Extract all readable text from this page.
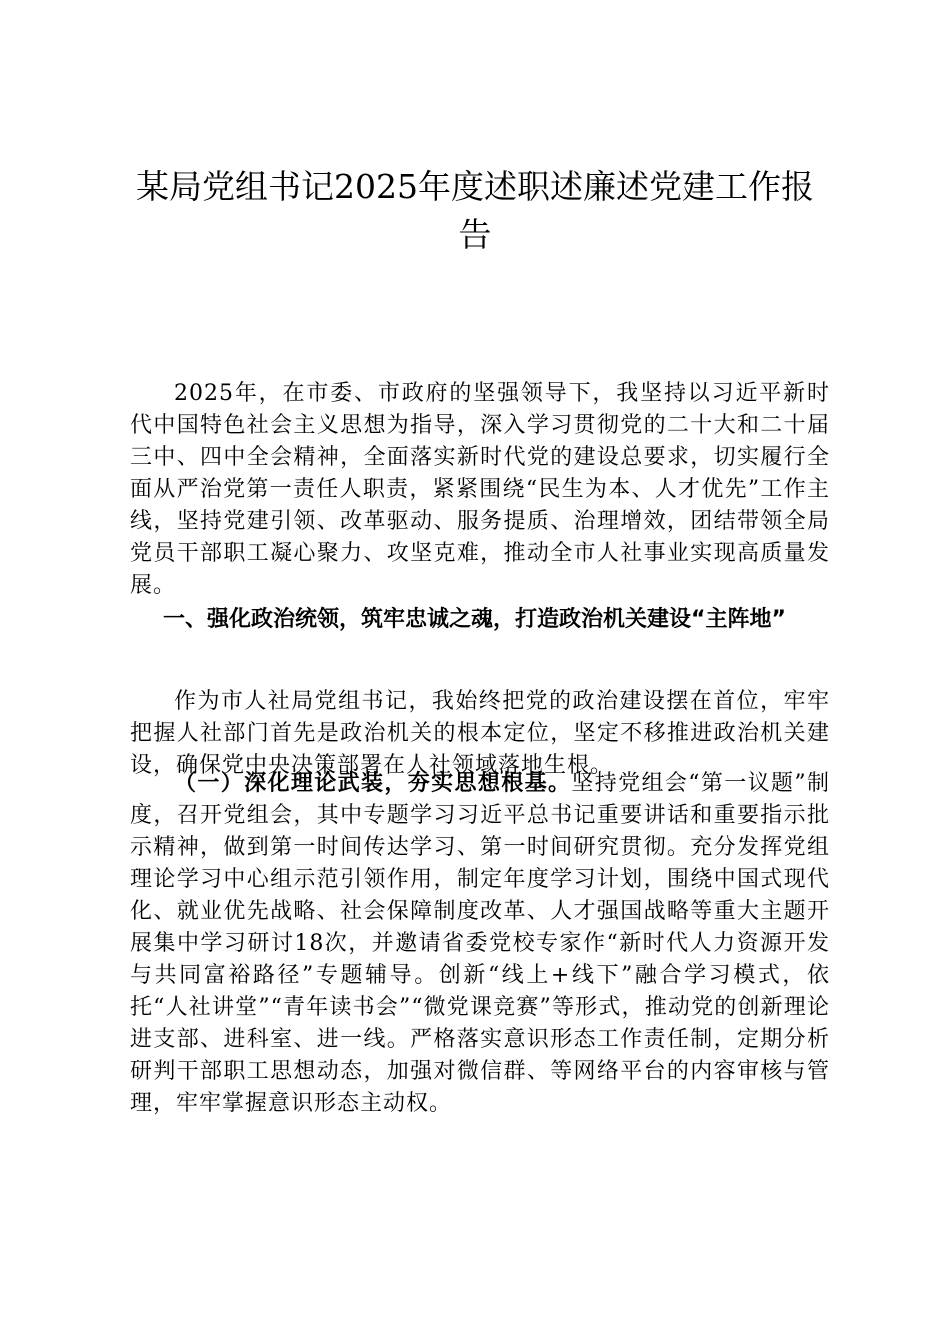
某局党组书记2025年度述职述廉述党建工作报告

2025年，在市委、市政府的坚强领导下，我坚持以习近平新时代中国特色社会主义思想为指导，深入学习贯彻党的二十大和二十届三中、四中全会精神，全面落实新时代党的建设总要求，切实履行全面从严治党第一责任人职责，紧紧围绕“民生为本、人才优先”工作主线，坚持党建引领、改革驱动、服务提质、治理增效，团结带领全局党员干部职工凝心聚力、攻坚克难，推动全市人社事业实现高质量发展。

一、强化政治统领，筑牢忠诚之魂，打造政治机关建设“主阵地”

作为市人社局党组书记，我始终把党的政治建设摆在首位，牢牢把握人社部门首先是政治机关的根本定位，坚定不移推进政治机关建设，确保党中央决策部署在人社领域落地生根。

（一）深化理论武装，夯实思想根基。坚持党组会“第一议题”制度，召开党组会，其中专题学习习近平总书记重要讲话和重要指示批示精神，做到第一时间传达学习、第一时间研究贯彻。充分发挥党组理论学习中心组示范引领作用，制定年度学习计划，围绕中国式现代化、就业优先战略、社会保障制度改革、人才强国战略等重大主题开展集中学习研讨18次，并邀请省委党校专家作“新时代人力资源开发与共同富裕路径”专题辅导。创新“线上+线下”融合学习模式，依托“人社讲堂”“青年读书会”“微党课竞赛”等形式，推动党的创新理论进支部、进科室、进一线。严格落实意识形态工作责任制，定期分析研判干部职工思想动态，加强对微信群、等网络平台的内容审核与管理，牢牢掌握意识形态主动权。
